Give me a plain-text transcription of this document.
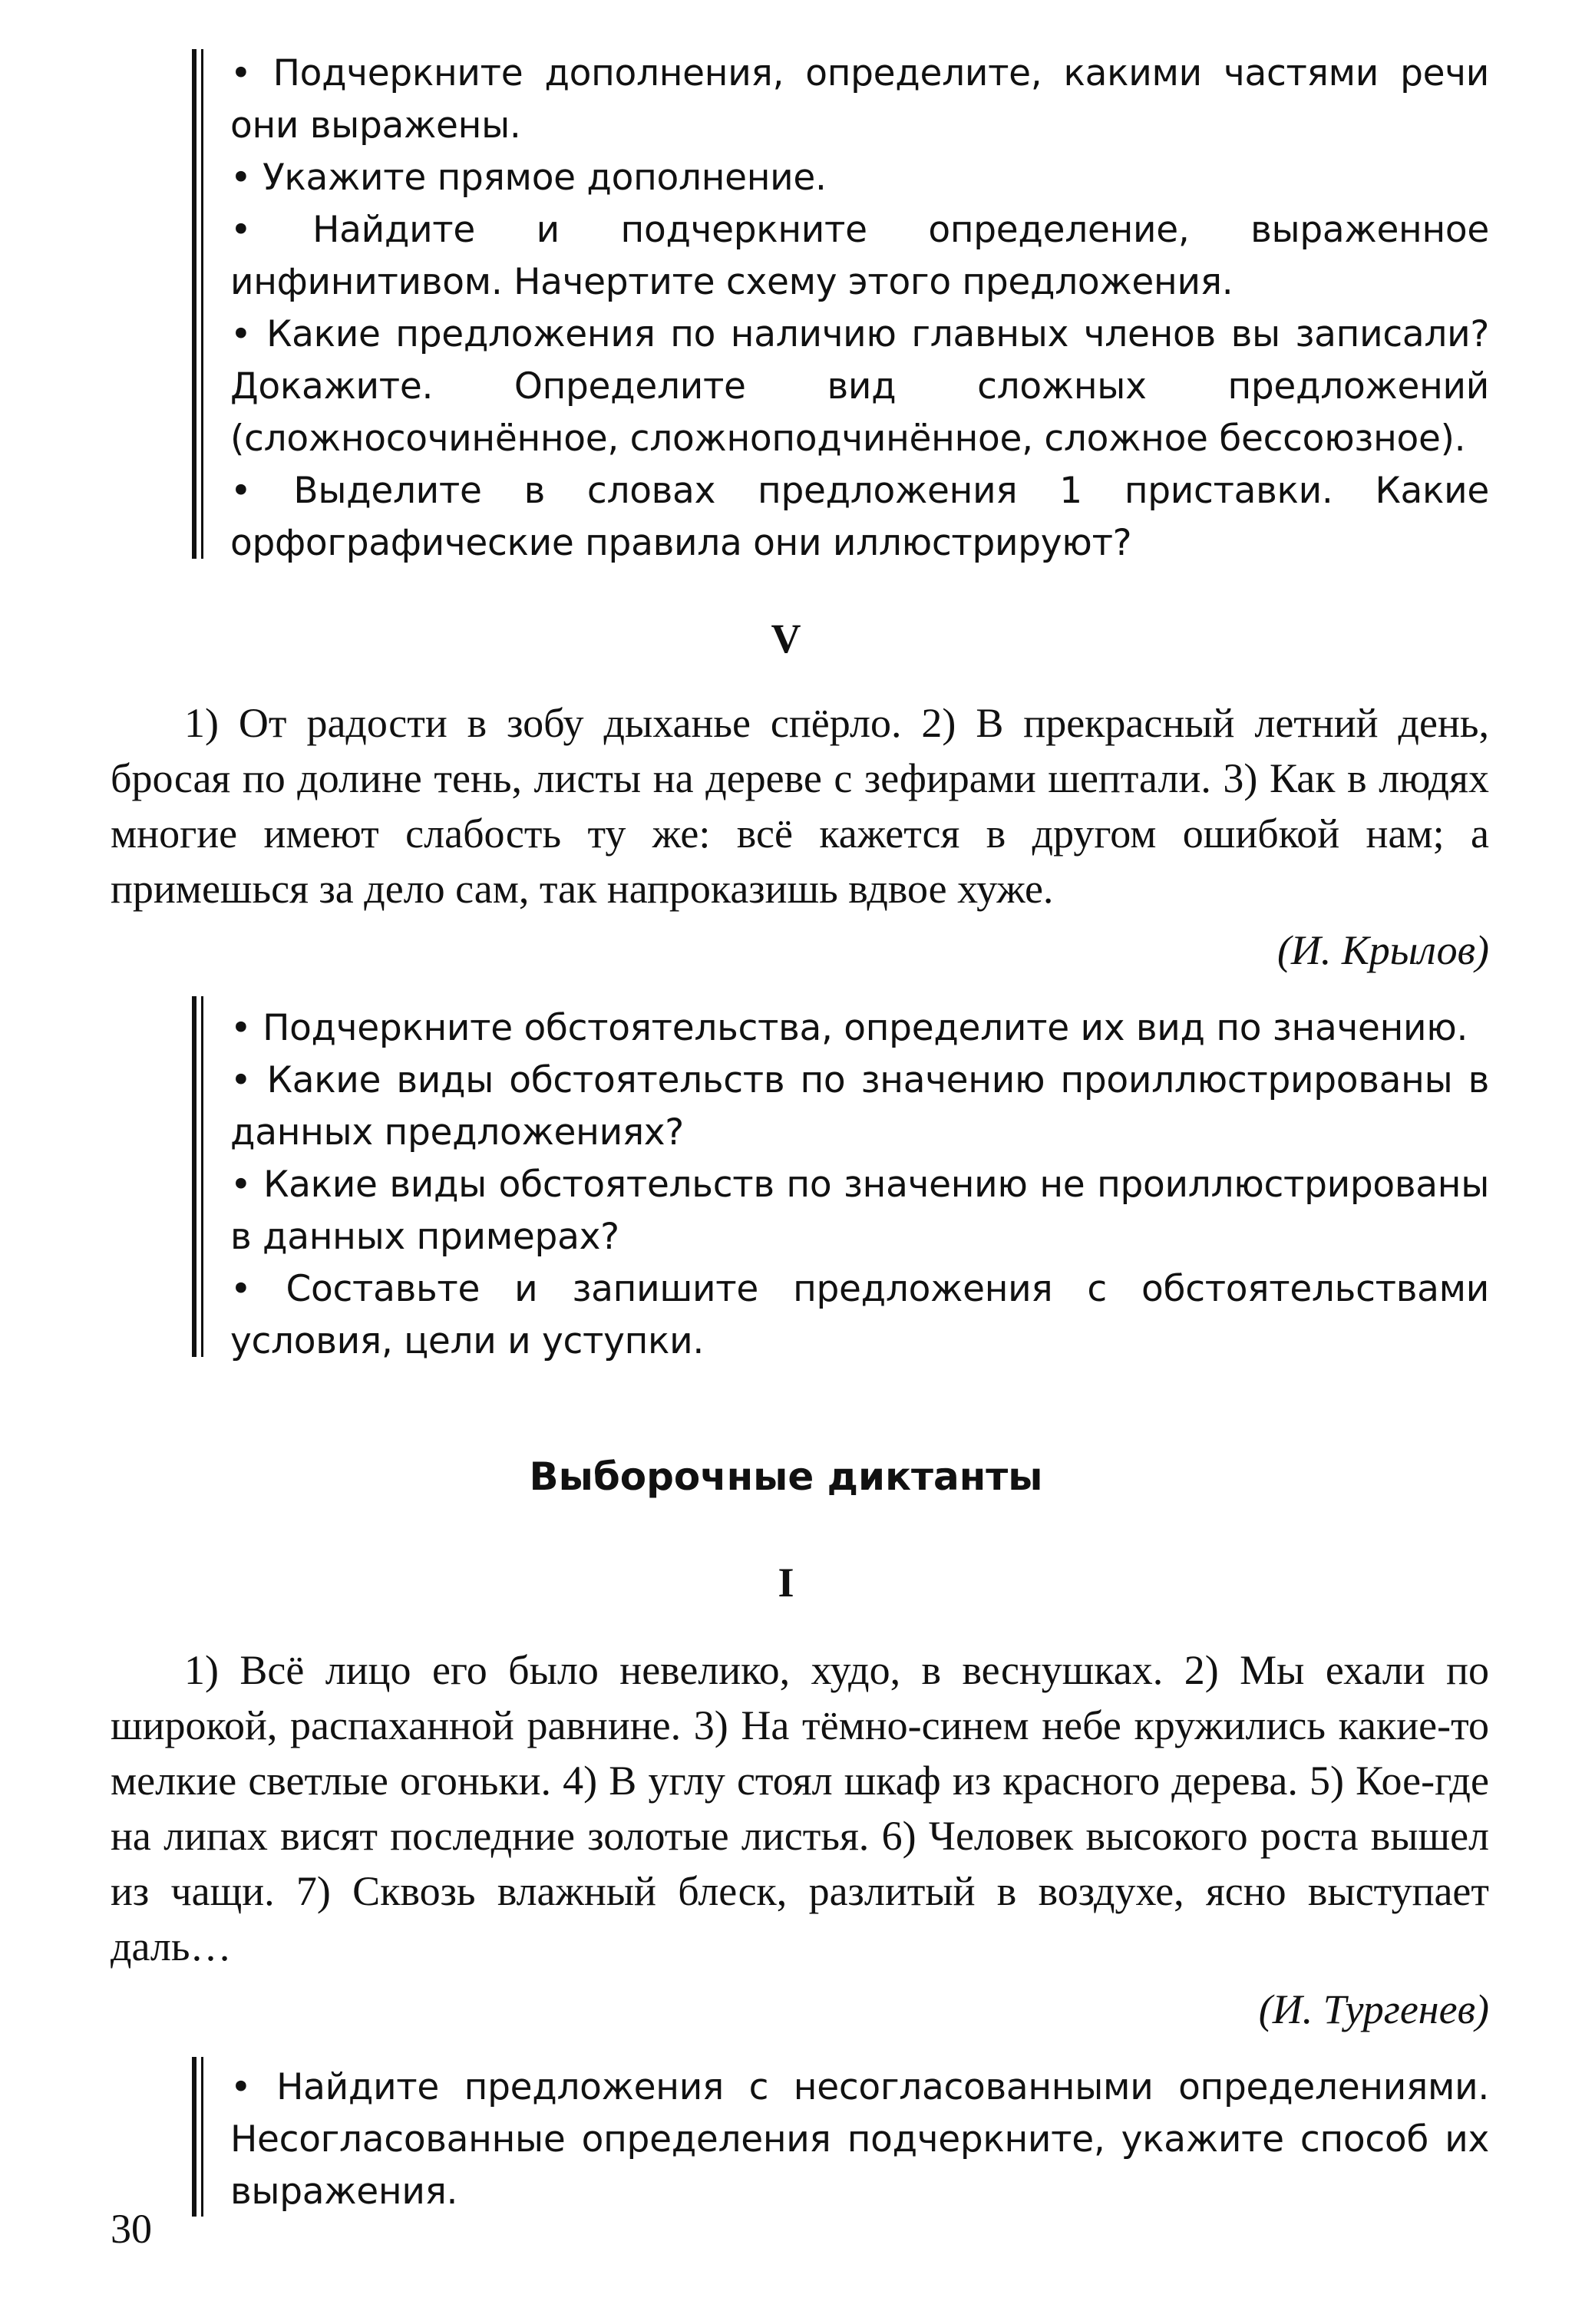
• Подчеркните дополнения, определите, какими частями речи они выражены.

• Укажите прямое дополнение.

• Найдите и подчеркните определение, выраженное инфинитивом. Начертите схему этого предложения.

• Какие предложения по наличию главных членов вы записали? Докажите. Определите вид сложных предложений (сложносочинённое, сложноподчинённое, сложное бессоюзное).

• Выделите в словах предложения 1 приставки. Какие орфографические правила они иллюстрируют?

V

1) От радости в зобу дыханье спёрло. 2) В прекрасный летний день, бросая по долине тень, листы на дереве с зефирами шептали. 3) Как в людях многие имеют слабость ту же: всё кажется в другом ошибкой нам; а примешься за дело сам, так напроказишь вдвое хуже.

(И. Крылов)

• Подчеркните обстоятельства, определите их вид по значению.

• Какие виды обстоятельств по значению проиллюстрированы в данных предложениях?

• Какие виды обстоятельств по значению не проиллюстрированы в данных примерах?

• Составьте и запишите предложения с обстоятельствами условия, цели и уступки.

Выборочные диктанты
I

1) Всё лицо его было невелико, худо, в веснушках. 2) Мы ехали по широкой, распаханной равнине. 3) На тёмно-синем небе кружились какие-то мелкие светлые огоньки. 4) В углу стоял шкаф из красного дерева. 5) Кое-где на липах висят последние золотые листья. 6) Человек высокого роста вышел из чащи. 7) Сквозь влажный блеск, разлитый в воздухе, ясно выступает даль…

(И. Тургенев)

• Найдите предложения с несогласованными определениями. Несогласованные определения подчеркните, укажите способ их выражения.

30
